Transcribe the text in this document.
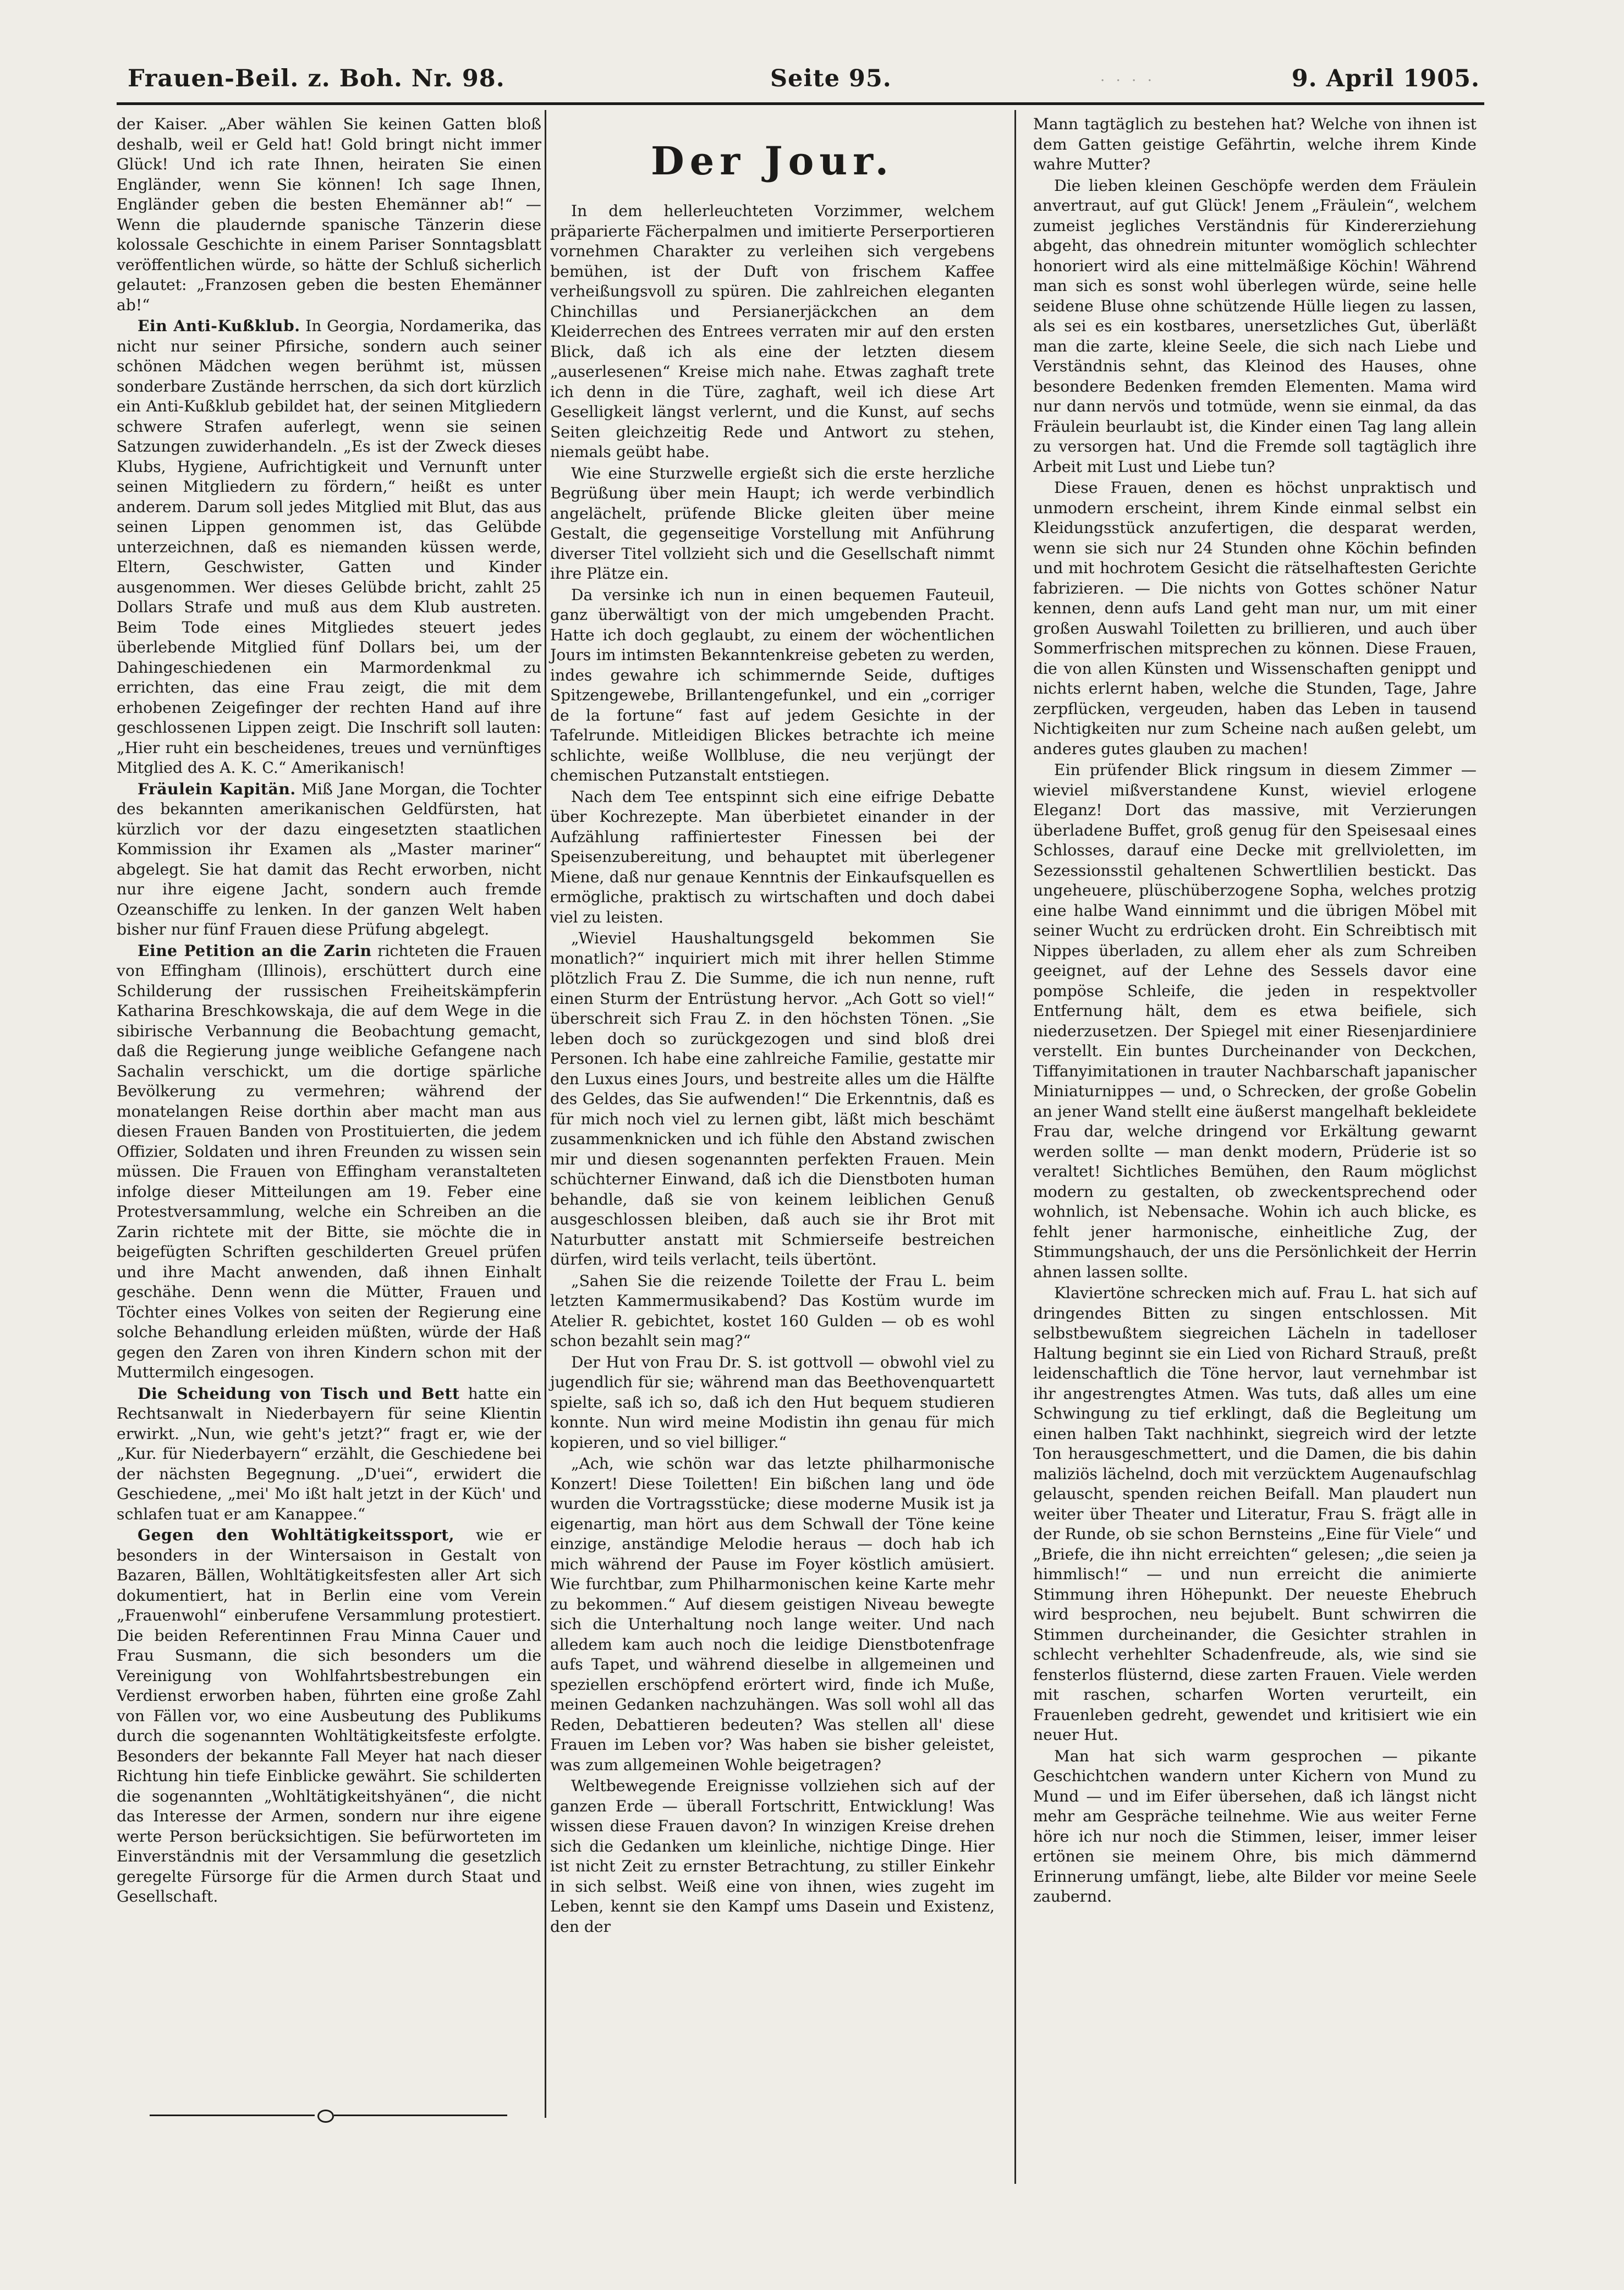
Frauen-Beil. z. Boh. Nr. 98.	Seite 95.	9. April 1905.
· · · ·

der Kaiser. „Aber wählen Sie keinen Gatten bloß deshalb, weil er Geld hat! Gold bringt nicht immer Glück! Und ich rate Ihnen, heiraten Sie einen Engländer, wenn Sie können! Ich sage Ihnen, Engländer geben die besten Ehemänner ab!“ — Wenn die plaudernde spanische Tänzerin diese kolossale Geschichte in einem Pariser Sonntagsblatt veröffentlichen würde, so hätte der Schluß sicherlich gelautet: „Franzosen geben die besten Ehemänner ab!“

Ein Anti-Kußklub. In Georgia, Nordamerika, das nicht nur seiner Pfirsiche, sondern auch seiner schönen Mädchen wegen berühmt ist, müssen sonderbare Zustände herrschen, da sich dort kürzlich ein Anti-Kußklub gebildet hat, der seinen Mitgliedern schwere Strafen auferlegt, wenn sie seinen Satzungen zuwiderhandeln. „Es ist der Zweck dieses Klubs, Hygiene, Aufrichtigkeit und Vernunft unter seinen Mitgliedern zu fördern,“ heißt es unter anderem. Darum soll jedes Mitglied mit Blut, das aus seinen Lippen genommen ist, das Gelübde unterzeichnen, daß es niemanden küssen werde, Eltern, Geschwister, Gatten und Kinder ausgenommen. Wer dieses Gelübde bricht, zahlt 25 Dollars Strafe und muß aus dem Klub austreten. Beim Tode eines Mitgliedes steuert jedes überlebende Mitglied fünf Dollars bei, um der Dahingeschiedenen ein Marmordenkmal zu errichten, das eine Frau zeigt, die mit dem erhobenen Zeigefinger der rechten Hand auf ihre geschlossenen Lippen zeigt. Die Inschrift soll lauten: „Hier ruht ein bescheidenes, treues und vernünftiges Mitglied des A. K. C.“ Amerikanisch!

Fräulein Kapitän. Miß Jane Morgan, die Tochter des bekannten amerikanischen Geldfürsten, hat kürzlich vor der dazu eingesetzten staatlichen Kommission ihr Examen als „Master mariner“ abgelegt. Sie hat damit das Recht erworben, nicht nur ihre eigene Jacht, sondern auch fremde Ozeanschiffe zu lenken. In der ganzen Welt haben bisher nur fünf Frauen diese Prüfung abgelegt.

Eine Petition an die Zarin richteten die Frauen von Effingham (Illinois), erschüttert durch eine Schilderung der russischen Freiheitskämpferin Katharina Breschkowskaja, die auf dem Wege in die sibirische Verbannung die Beobachtung gemacht, daß die Regierung junge weibliche Gefangene nach Sachalin verschickt, um die dortige spärliche Bevölkerung zu vermehren; während der monatelangen Reise dorthin aber macht man aus diesen Frauen Banden von Prostituierten, die jedem Offizier, Soldaten und ihren Freunden zu wissen sein müssen. Die Frauen von Effingham veranstalteten infolge dieser Mitteilungen am 19. Feber eine Protestversammlung, welche ein Schreiben an die Zarin richtete mit der Bitte, sie möchte die in beigefügten Schriften geschilderten Greuel prüfen und ihre Macht anwenden, daß ihnen Einhalt geschähe. Denn wenn die Mütter, Frauen und Töchter eines Volkes von seiten der Regierung eine solche Behandlung erleiden müßten, würde der Haß gegen den Zaren von ihren Kindern schon mit der Muttermilch eingesogen.

Die Scheidung von Tisch und Bett hatte ein Rechtsanwalt in Niederbayern für seine Klientin erwirkt. „Nun, wie geht's jetzt?“ fragt er, wie der „Kur. für Niederbayern“ erzählt, die Geschiedene bei der nächsten Begegnung. „D'uei“, erwidert die Geschiedene, „mei' Mo ißt halt jetzt in der Küch' und schlafen tuat er am Kanappee.“

Gegen den Wohltätigkeitssport, wie er besonders in der Wintersaison in Gestalt von Bazaren, Bällen, Wohltätigkeitsfesten aller Art sich dokumentiert, hat in Berlin eine vom Verein „Frauenwohl“ einberufene Versammlung protestiert. Die beiden Referentinnen Frau Minna Cauer und Frau Susmann, die sich besonders um die Vereinigung von Wohlfahrtsbestrebungen ein Verdienst erworben haben, führten eine große Zahl von Fällen vor, wo eine Ausbeutung des Publikums durch die sogenannten Wohltätigkeitsfeste erfolgte. Besonders der bekannte Fall Meyer hat nach dieser Richtung hin tiefe Einblicke gewährt. Sie schilderten die sogenannten „Wohltätigkeitshyänen“, die nicht das Interesse der Armen, sondern nur ihre eigene werte Person berücksichtigen. Sie befürworteten im Einverständnis mit der Versammlung die gesetzlich geregelte Fürsorge für die Armen durch Staat und Gesellschaft.

Der Jour.

In dem hellerleuchteten Vorzimmer, welchem präparierte Fächerpalmen und imitierte Perserportieren vornehmen Charakter zu verleihen sich vergebens bemühen, ist der Duft von frischem Kaffee verheißungsvoll zu spüren. Die zahlreichen eleganten Chinchillas und Persianerjäckchen an dem Kleiderrechen des Entrees verraten mir auf den ersten Blick, daß ich als eine der letzten diesem „auserlesenen“ Kreise mich nahe. Etwas zaghaft trete ich denn in die Türe, zaghaft, weil ich diese Art Geselligkeit längst verlernt, und die Kunst, auf sechs Seiten gleichzeitig Rede und Antwort zu stehen, niemals geübt habe.

Wie eine Sturzwelle ergießt sich die erste herzliche Begrüßung über mein Haupt; ich werde verbindlich angelächelt, prüfende Blicke gleiten über meine Gestalt, die gegenseitige Vorstellung mit Anführung diverser Titel vollzieht sich und die Gesellschaft nimmt ihre Plätze ein.

Da versinke ich nun in einen bequemen Fauteuil, ganz überwältigt von der mich umgebenden Pracht. Hatte ich doch geglaubt, zu einem der wöchentlichen Jours im intimsten Bekanntenkreise gebeten zu werden, indes gewahre ich schimmernde Seide, duftiges Spitzengewebe, Brillantengefunkel, und ein „corriger de la fortune“ fast auf jedem Gesichte in der Tafelrunde. Mitleidigen Blickes betrachte ich meine schlichte, weiße Wollbluse, die neu verjüngt der chemischen Putzanstalt entstiegen.

Nach dem Tee entspinnt sich eine eifrige Debatte über Kochrezepte. Man überbietet einander in der Aufzählung raffiniertester Finessen bei der Speisenzubereitung, und behauptet mit überlegener Miene, daß nur genaue Kenntnis der Einkaufsquellen es ermögliche, praktisch zu wirtschaften und doch dabei viel zu leisten.

„Wieviel Haushaltungsgeld bekommen Sie monatlich?“ inquiriert mich mit ihrer hellen Stimme plötzlich Frau Z. Die Summe, die ich nun nenne, ruft einen Sturm der Entrüstung hervor. „Ach Gott so viel!“ überschreit sich Frau Z. in den höchsten Tönen. „Sie leben doch so zurückgezogen und sind bloß drei Personen. Ich habe eine zahlreiche Familie, gestatte mir den Luxus eines Jours, und bestreite alles um die Hälfte des Geldes, das Sie aufwenden!“ Die Erkenntnis, daß es für mich noch viel zu lernen gibt, läßt mich beschämt zusammenknicken und ich fühle den Abstand zwischen mir und diesen sogenannten perfekten Frauen. Mein schüchterner Einwand, daß ich die Dienstboten human behandle, daß sie von keinem leiblichen Genuß ausgeschlossen bleiben, daß auch sie ihr Brot mit Naturbutter anstatt mit Schmierseife bestreichen dürfen, wird teils verlacht, teils übertönt.

„Sahen Sie die reizende Toilette der Frau L. beim letzten Kammermusikabend? Das Kostüm wurde im Atelier R. gebichtet, kostet 160 Gulden — ob es wohl schon bezahlt sein mag?“

Der Hut von Frau Dr. S. ist gottvoll — obwohl viel zu jugendlich für sie; während man das Beethovenquartett spielte, saß ich so, daß ich den Hut bequem studieren konnte. Nun wird meine Modistin ihn genau für mich kopieren, und so viel billiger.“

„Ach, wie schön war das letzte philharmonische Konzert! Diese Toiletten! Ein bißchen lang und öde wurden die Vortragsstücke; diese moderne Musik ist ja eigenartig, man hört aus dem Schwall der Töne keine einzige, anständige Melodie heraus — doch hab ich mich während der Pause im Foyer köstlich amüsiert. Wie furchtbar, zum Philharmonischen keine Karte mehr zu bekommen.“ Auf diesem geistigen Niveau bewegte sich die Unterhaltung noch lange weiter. Und nach alledem kam auch noch die leidige Dienstbotenfrage aufs Tapet, und während dieselbe in allgemeinen und speziellen erschöpfend erörtert wird, finde ich Muße, meinen Gedanken nachzuhängen. Was soll wohl all das Reden, Debattieren bedeuten? Was stellen all' diese Frauen im Leben vor? Was haben sie bisher geleistet, was zum allgemeinen Wohle beigetragen?

Weltbewegende Ereignisse vollziehen sich auf der ganzen Erde — überall Fortschritt, Entwicklung! Was wissen diese Frauen davon? In winzigen Kreise drehen sich die Gedanken um kleinliche, nichtige Dinge. Hier ist nicht Zeit zu ernster Betrachtung, zu stiller Einkehr in sich selbst. Weiß eine von ihnen, wies zugeht im Leben, kennt sie den Kampf ums Dasein und Existenz, den der

Mann tagtäglich zu bestehen hat? Welche von ihnen ist dem Gatten geistige Gefährtin, welche ihrem Kinde wahre Mutter?

Die lieben kleinen Geschöpfe werden dem Fräulein anvertraut, auf gut Glück! Jenem „Fräulein“, welchem zumeist jegliches Verständnis für Kindererziehung abgeht, das ohnedrein mitunter womöglich schlechter honoriert wird als eine mittelmäßige Köchin! Während man sich es sonst wohl überlegen würde, seine helle seidene Bluse ohne schützende Hülle liegen zu lassen, als sei es ein kostbares, unersetzliches Gut, überläßt man die zarte, kleine Seele, die sich nach Liebe und Verständnis sehnt, das Kleinod des Hauses, ohne besondere Bedenken fremden Elementen. Mama wird nur dann nervös und totmüde, wenn sie einmal, da das Fräulein beurlaubt ist, die Kinder einen Tag lang allein zu versorgen hat. Und die Fremde soll tagtäglich ihre Arbeit mit Lust und Liebe tun?

Diese Frauen, denen es höchst unpraktisch und unmodern erscheint, ihrem Kinde einmal selbst ein Kleidungsstück anzufertigen, die desparat werden, wenn sie sich nur 24 Stunden ohne Köchin befinden und mit hochrotem Gesicht die rätselhaftesten Gerichte fabrizieren. — Die nichts von Gottes schöner Natur kennen, denn aufs Land geht man nur, um mit einer großen Auswahl Toiletten zu brillieren, und auch über Sommerfrischen mitsprechen zu können. Diese Frauen, die von allen Künsten und Wissenschaften genippt und nichts erlernt haben, welche die Stunden, Tage, Jahre zerpflücken, vergeuden, haben das Leben in tausend Nichtigkeiten nur zum Scheine nach außen gelebt, um anderes gutes glauben zu machen!

Ein prüfender Blick ringsum in diesem Zimmer — wieviel mißverstandene Kunst, wieviel erlogene Eleganz! Dort das massive, mit Verzierungen überladene Buffet, groß genug für den Speisesaal eines Schlosses, darauf eine Decke mit grellvioletten, im Sezessionsstil gehaltenen Schwertlilien bestickt. Das ungeheuere, plüschüberzogene Sopha, welches protzig eine halbe Wand einnimmt und die übrigen Möbel mit seiner Wucht zu erdrücken droht. Ein Schreibtisch mit Nippes überladen, zu allem eher als zum Schreiben geeignet, auf der Lehne des Sessels davor eine pompöse Schleife, die jeden in respektvoller Entfernung hält, dem es etwa beifiele, sich niederzusetzen. Der Spiegel mit einer Riesenjardiniere verstellt. Ein buntes Durcheinander von Deckchen, Tiffanyimitationen in trauter Nachbarschaft japanischer Miniaturnippes — und, o Schrecken, der große Gobelin an jener Wand stellt eine äußerst mangelhaft bekleidete Frau dar, welche dringend vor Erkältung gewarnt werden sollte — man denkt modern, Prüderie ist so veraltet! Sichtliches Bemühen, den Raum möglichst modern zu gestalten, ob zweckentsprechend oder wohnlich, ist Nebensache. Wohin ich auch blicke, es fehlt jener harmonische, einheitliche Zug, der Stimmungshauch, der uns die Persönlichkeit der Herrin ahnen lassen sollte.

Klaviertöne schrecken mich auf. Frau L. hat sich auf dringendes Bitten zu singen entschlossen. Mit selbstbewußtem siegreichen Lächeln in tadelloser Haltung beginnt sie ein Lied von Richard Strauß, preßt leidenschaftlich die Töne hervor, laut vernehmbar ist ihr angestrengtes Atmen. Was tuts, daß alles um eine Schwingung zu tief erklingt, daß die Begleitung um einen halben Takt nachhinkt, siegreich wird der letzte Ton herausgeschmettert, und die Damen, die bis dahin maliziös lächelnd, doch mit verzücktem Augenaufschlag gelauscht, spenden reichen Beifall. Man plaudert nun weiter über Theater und Literatur, Frau S. frägt alle in der Runde, ob sie schon Bernsteins „Eine für Viele“ und „Briefe, die ihn nicht erreichten“ gelesen; „die seien ja himmlisch!“ — und nun erreicht die animierte Stimmung ihren Höhepunkt. Der neueste Ehebruch wird besprochen, neu bejubelt. Bunt schwirren die Stimmen durcheinander, die Gesichter strahlen in schlecht verhehlter Schadenfreude, als, wie sind sie fensterlos flüsternd, diese zarten Frauen. Viele werden mit raschen, scharfen Worten verurteilt, ein Frauenleben gedreht, gewendet und kritisiert wie ein neuer Hut.

Man hat sich warm gesprochen — pikante Geschichtchen wandern unter Kichern von Mund zu Mund — und im Eifer übersehen, daß ich längst nicht mehr am Gespräche teilnehme. Wie aus weiter Ferne höre ich nur noch die Stimmen, leiser, immer leiser ertönen sie meinem Ohre, bis mich dämmernd Erinnerung umfängt, liebe, alte Bilder vor meine Seele zaubernd.
